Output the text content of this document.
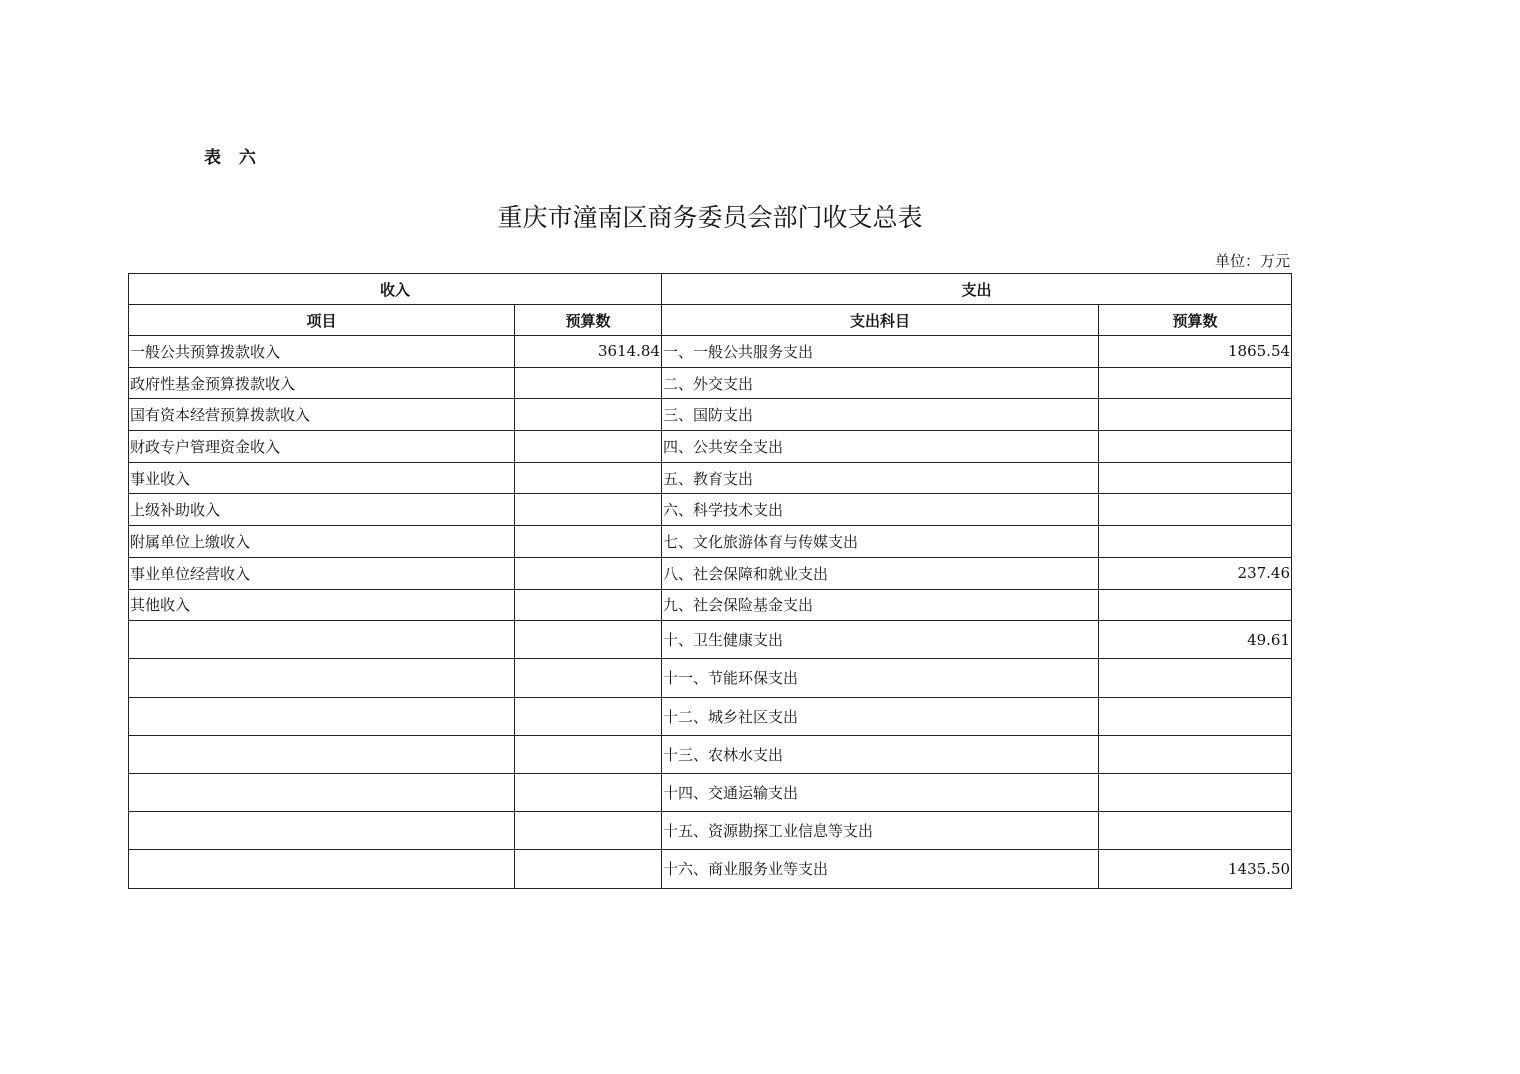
表 六
重庆市潼南区商务委员会部门收支总表
单位：万元
收入		支出	
项目	预算数	支出科目	预算数
一般公共预算拨款收入	3614.84	一、一般公共服务支出	1865.54
政府性基金预算拨款收入		二、外交支出	
国有资本经营预算拨款收入		三、国防支出	
财政专户管理资金收入		四、公共安全支出	
事业收入		五、教育支出	
上级补助收入		六、科学技术支出	
附属单位上缴收入		七、文化旅游体育与传媒支出	
事业单位经营收入		八、社会保障和就业支出	237.46
其他收入		九、社会保险基金支出	
		十、卫生健康支出	49.61
		十一、节能环保支出	
		十二、城乡社区支出	
		十三、农林水支出	
		十四、交通运输支出	
		十五、资源勘探工业信息等支出	
		十六、商业服务业等支出	1435.50
